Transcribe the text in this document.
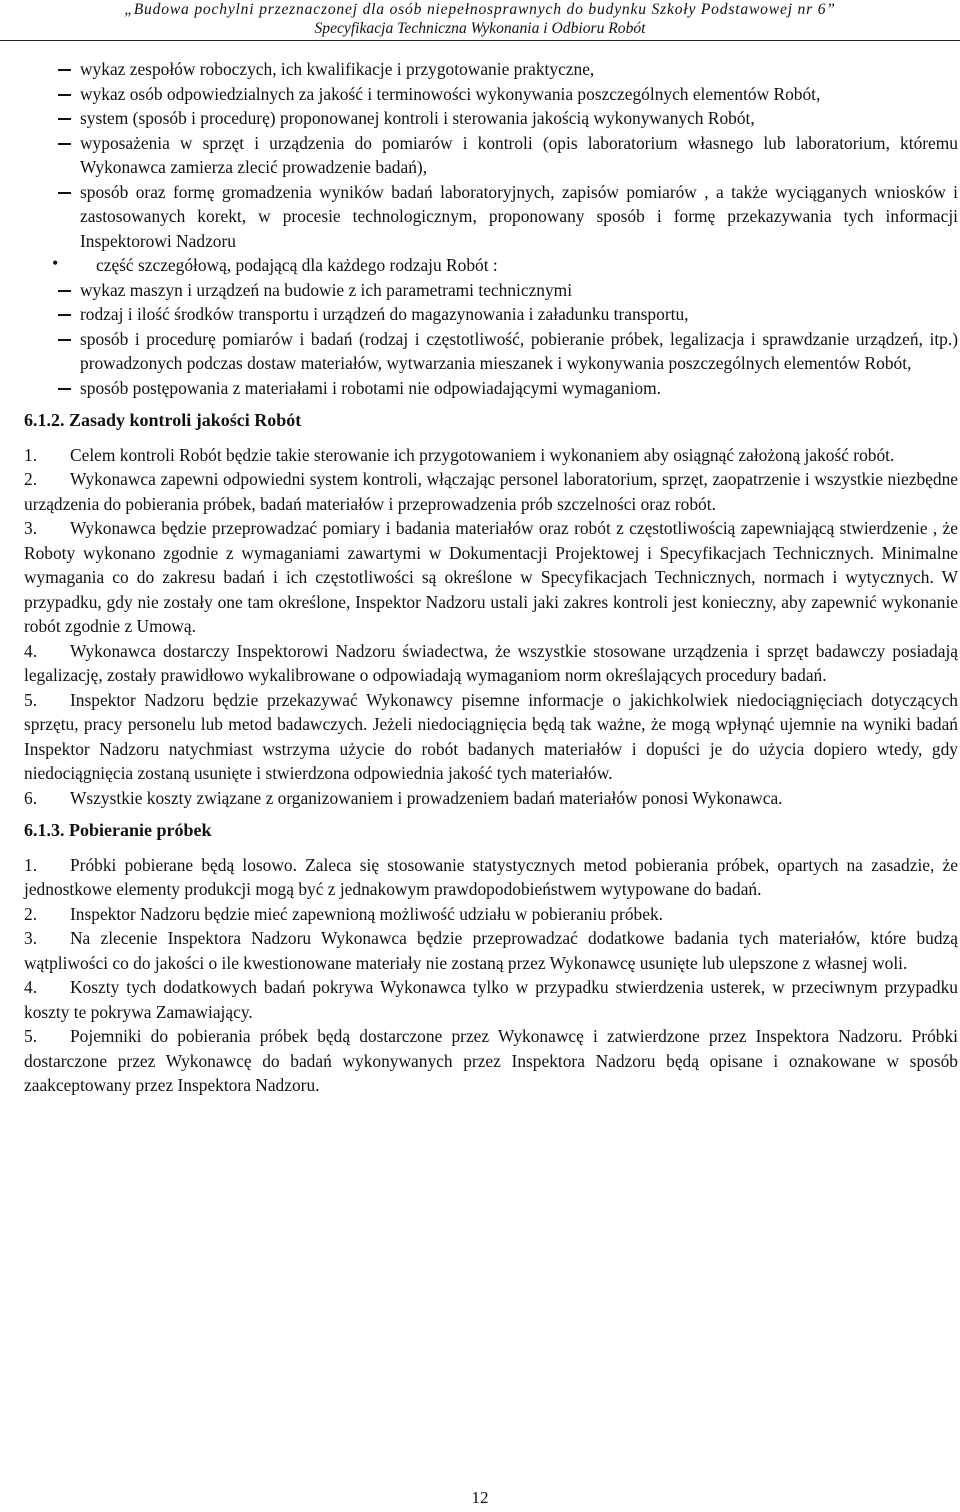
„Budowa pochylni przeznaczonej dla osób niepełnosprawnych do budynku Szkoły Podstawowej nr 6”
Specyfikacja Techniczna Wykonania i Odbioru Robót
wykaz zespołów roboczych, ich kwalifikacje i przygotowanie praktyczne,
wykaz osób odpowiedzialnych za jakość i terminowości wykonywania poszczególnych elementów Robót,
system (sposób i procedurę) proponowanej kontroli i sterowania jakością wykonywanych Robót,
wyposażenia w sprzęt i urządzenia do pomiarów i kontroli (opis laboratorium własnego lub laboratorium, któremu Wykonawca zamierza zlecić prowadzenie badań),
sposób oraz formę gromadzenia wyników badań laboratoryjnych, zapisów pomiarów , a także wyciąganych wniosków i zastosowanych korekt, w procesie technologicznym, proponowany sposób i formę przekazywania tych informacji Inspektorowi Nadzoru
• część szczegółową, podającą dla każdego rodzaju Robót :
wykaz maszyn i urządzeń na budowie z ich parametrami technicznymi
rodzaj i ilość środków transportu i urządzeń do magazynowania i załadunku transportu,
sposób i procedurę pomiarów i badań (rodzaj i częstotliwość, pobieranie próbek, legalizacja i sprawdzanie urządzeń, itp.) prowadzonych podczas dostaw materiałów, wytwarzania mieszanek i wykonywania poszczególnych elementów Robót,
sposób postępowania z materiałami i robotami nie odpowiadającymi wymaganiom.
6.1.2. Zasady kontroli jakości Robót

1. Celem kontroli Robót będzie takie sterowanie ich przygotowaniem i wykonaniem aby osiągnąć założoną jakość robót.

2. Wykonawca zapewni odpowiedni system kontroli, włączając personel laboratorium, sprzęt, zaopatrzenie i wszystkie niezbędne urządzenia do pobierania próbek, badań materiałów i przeprowadzenia prób szczelności oraz robót.

3. Wykonawca będzie przeprowadzać pomiary i badania materiałów oraz robót z częstotliwością zapewniającą stwierdzenie , że Roboty wykonano zgodnie z wymaganiami zawartymi w Dokumentacji Projektowej i Specyfikacjach Technicznych. Minimalne wymagania co do zakresu badań i ich częstotliwości są określone w Specyfikacjach Technicznych, normach i wytycznych. W przypadku, gdy nie zostały one tam określone, Inspektor Nadzoru ustali jaki zakres kontroli jest konieczny, aby zapewnić wykonanie robót zgodnie z Umową.

4. Wykonawca dostarczy Inspektorowi Nadzoru świadectwa, że wszystkie stosowane urządzenia i sprzęt badawczy posiadają legalizację, zostały prawidłowo wykalibrowane o odpowiadają wymaganiom norm określających procedury badań.

5. Inspektor Nadzoru będzie przekazywać Wykonawcy pisemne informacje o jakichkolwiek niedociągnięciach dotyczących sprzętu, pracy personelu lub metod badawczych. Jeżeli niedociągnięcia będą tak ważne, że mogą wpłynąć ujemnie na wyniki badań Inspektor Nadzoru natychmiast wstrzyma użycie do robót badanych materiałów i dopuści je do użycia dopiero wtedy, gdy niedociągnięcia zostaną usunięte i stwierdzona odpowiednia jakość tych materiałów.

6. Wszystkie koszty związane z organizowaniem i prowadzeniem badań materiałów ponosi Wykonawca.

6.1.3. Pobieranie próbek

1. Próbki pobierane będą losowo. Zaleca się stosowanie statystycznych metod pobierania próbek, opartych na zasadzie, że jednostkowe elementy produkcji mogą być z jednakowym prawdopodobieństwem wytypowane do badań.

2. Inspektor Nadzoru będzie mieć zapewnioną możliwość udziału w pobieraniu próbek.

3. Na zlecenie Inspektora Nadzoru Wykonawca będzie przeprowadzać dodatkowe badania tych materiałów, które budzą wątpliwości co do jakości o ile kwestionowane materiały nie zostaną przez Wykonawcę usunięte lub ulepszone z własnej woli.

4. Koszty tych dodatkowych badań pokrywa Wykonawca tylko w przypadku stwierdzenia usterek, w przeciwnym przypadku koszty te pokrywa Zamawiający.

5. Pojemniki do pobierania próbek będą dostarczone przez Wykonawcę i zatwierdzone przez Inspektora Nadzoru. Próbki dostarczone przez Wykonawcę do badań wykonywanych przez Inspektora Nadzoru będą opisane i oznakowane w sposób zaakceptowany przez Inspektora Nadzoru.

12
